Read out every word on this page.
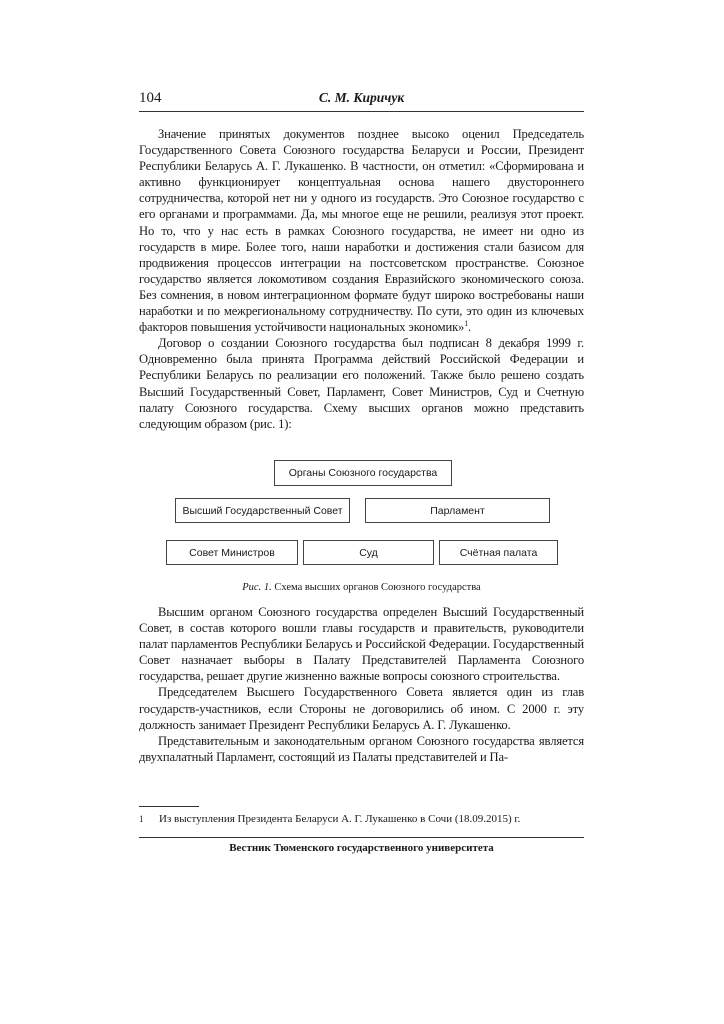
104	С. М. Киричук

Значение принятых документов позднее высоко оценил Председатель Государственного Совета Союзного государства Беларуси и России, Президент Республики Беларусь А. Г. Лукашенко. В частности, он отметил: «Сформирована и активно функционирует концептуальная основа нашего двустороннего сотрудничества, которой нет ни у одного из государств. Это Союзное государство с его органами и программами. Да, мы многое еще не решили, реализуя этот проект. Но то, что у нас есть в рамках Союзного государства, не имеет ни одно из государств в мире. Более того, наши наработки и достижения стали базисом для продвижения процессов интеграции на постсоветском пространстве. Союзное государство является локомотивом создания Евразийского экономического союза. Без сомнения, в новом интеграционном формате будут широко востребованы наши наработки и по межрегиональному сотрудничеству. По сути, это один из ключевых факторов повышения устойчивости национальных экономик»$^1$.

Договор о создании Союзного государства был подписан 8 декабря 1999 г. Одновременно была принята Программа действий Российской Федерации и Республики Беларусь по реализации его положений. Также было решено создать Высший Государственный Совет, Парламент, Совет Министров, Суд и Счетную палату Союзного государства. Схему высших органов можно представить следующим образом (рис. 1):

Органы Союзного государства
Высший Государственный Совет	Парламент
Совет Министров	Суд	Счётная палата
Рис. 1. Схема высших органов Союзного государства

Высшим органом Союзного государства определен Высший Государственный Совет, в состав которого вошли главы государств и правительств, руководители палат парламентов Республики Беларусь и Российской Федерации. Государственный Совет назначает выборы в Палату Представителей Парламента Союзного государства, решает другие жизненно важные вопросы союзного строительства.

Председателем Высшего Государственного Совета является один из глав государств-участников, если Стороны не договорились об ином. С 2000 г. эту должность занимает Президент Республики Беларусь А. Г. Лукашенко.

Представительным и законодательным органом Союзного государства является двухпалатный Парламент, состоящий из Палаты представителей и Па-

1 Из выступления Президента Беларуси А. Г. Лукашенко в Сочи (18.09.2015) г.
Вестник Тюменского государственного университета
